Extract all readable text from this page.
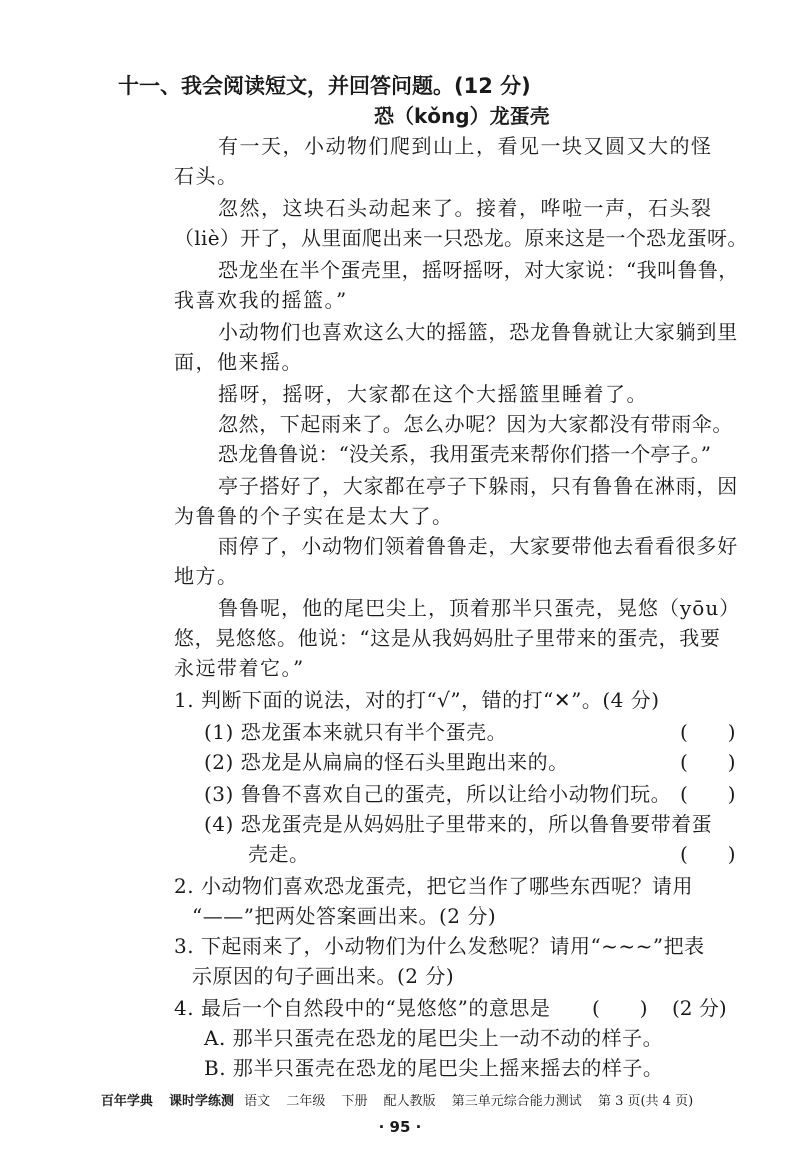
十一、我会阅读短文，并回答问题。(12 分)
恐（kǒng）龙蛋壳
有一天，小动物们爬到山上，看见一块又圆又大的怪
石头。
忽然，这块石头动起来了。接着，哗啦一声，石头裂
（liè）开了，从里面爬出来一只恐龙。原来这是一个恐龙蛋呀。
恐龙坐在半个蛋壳里，摇呀摇呀，对大家说：“我叫鲁鲁，
我喜欢我的摇篮。”
小动物们也喜欢这么大的摇篮，恐龙鲁鲁就让大家躺到里
面，他来摇。
摇呀，摇呀，大家都在这个大摇篮里睡着了。
忽然，下起雨来了。怎么办呢？因为大家都没有带雨伞。
恐龙鲁鲁说：“没关系，我用蛋壳来帮你们搭一个亭子。”
亭子搭好了，大家都在亭子下躲雨，只有鲁鲁在淋雨，因
为鲁鲁的个子实在是太大了。
雨停了，小动物们领着鲁鲁走，大家要带他去看看很多好
地方。
鲁鲁呢，他的尾巴尖上，顶着那半只蛋壳，晃悠（yōu）
悠，晃悠悠。他说：“这是从我妈妈肚子里带来的蛋壳，我要
永远带着它。”
1. 判断下面的说法，对的打“√”，错的打“✕”。(4 分)
(1) 恐龙蛋本来就只有半个蛋壳。	(　　)
(2) 恐龙是从扁扁的怪石头里跑出来的。	(　　)
(3) 鲁鲁不喜欢自己的蛋壳，所以让给小动物们玩。 (　　)
(4) 恐龙蛋壳是从妈妈肚子里带来的，所以鲁鲁要带着蛋
壳走。	(　　)
2. 小动物们喜欢恐龙蛋壳，把它当作了哪些东西呢？请用
“——”把两处答案画出来。(2 分)
3. 下起雨来了，小动物们为什么发愁呢？请用“~~~”把表
示原因的句子画出来。(2 分)
4. 最后一个自然段中的“晃悠悠”的意思是 (　　) (2 分)
A. 那半只蛋壳在恐龙的尾巴尖上一动不动的样子。
B. 那半只蛋壳在恐龙的尾巴尖上摇来摇去的样子。
百年学典 课时学练测 语文 二年级 下册 配人教版 第三单元综合能力测试 第 3 页(共 4 页)
· 95 ·
